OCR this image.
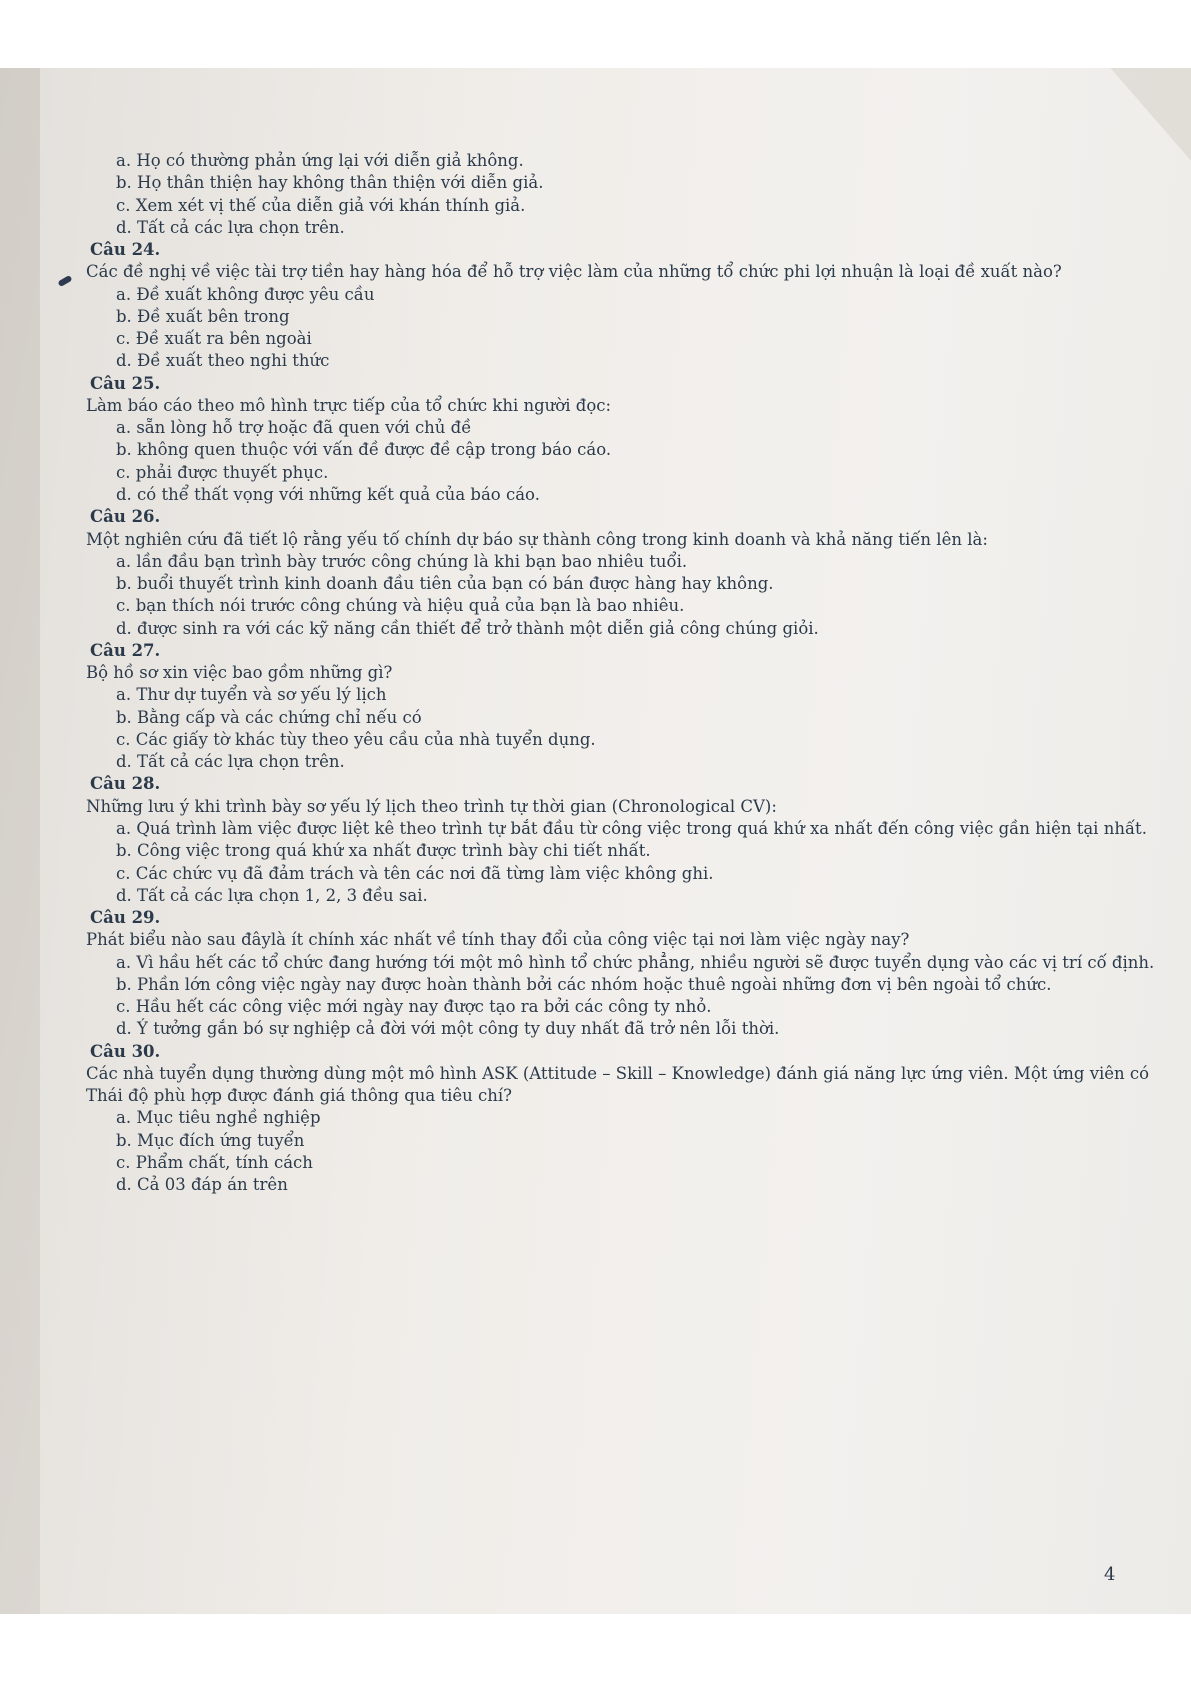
a. Họ có thường phản ứng lại với diễn giả không.

b. Họ thân thiện hay không thân thiện với diễn giả.

c. Xem xét vị thế của diễn giả với khán thính giả.

d. Tất cả các lựa chọn trên.

Câu 24.

Các đề nghị về việc tài trợ tiền hay hàng hóa để hỗ trợ việc làm của những tổ chức phi lợi nhuận là loại đề xuất nào?

a. Đề xuất không được yêu cầu

b. Đề xuất bên trong

c. Đề xuất ra bên ngoài

d. Đề xuất theo nghi thức

Câu 25.

Làm báo cáo theo mô hình trực tiếp của tổ chức khi người đọc:

a. sẵn lòng hỗ trợ hoặc đã quen với chủ đề

b. không quen thuộc với vấn đề được đề cập trong báo cáo.

c. phải được thuyết phục.

d. có thể thất vọng với những kết quả của báo cáo.

Câu 26.

Một nghiên cứu đã tiết lộ rằng yếu tố chính dự báo sự thành công trong kinh doanh và khả năng tiến lên là:

a. lần đầu bạn trình bày trước công chúng là khi bạn bao nhiêu tuổi.

b. buổi thuyết trình kinh doanh đầu tiên của bạn có bán được hàng hay không.

c. bạn thích nói trước công chúng và hiệu quả của bạn là bao nhiêu.

d. được sinh ra với các kỹ năng cần thiết để trở thành một diễn giả công chúng giỏi.

Câu 27.

Bộ hồ sơ xin việc bao gồm những gì?

a. Thư dự tuyển và sơ yếu lý lịch

b. Bằng cấp và các chứng chỉ nếu có

c. Các giấy tờ khác tùy theo yêu cầu của nhà tuyển dụng.

d. Tất cả các lựa chọn trên.

Câu 28.

Những lưu ý khi trình bày sơ yếu lý lịch theo trình tự thời gian (Chronological CV):

a. Quá trình làm việc được liệt kê theo trình tự bắt đầu từ công việc trong quá khứ xa nhất đến công việc gần hiện tại nhất.

b. Công việc trong quá khứ xa nhất được trình bày chi tiết nhất.

c. Các chức vụ đã đảm trách và tên các nơi đã từng làm việc không ghi.

d. Tất cả các lựa chọn 1, 2, 3 đều sai.

Câu 29.

Phát biểu nào sau đâylà ít chính xác nhất về tính thay đổi của công việc tại nơi làm việc ngày nay?

a. Vì hầu hết các tổ chức đang hướng tới một mô hình tổ chức phẳng, nhiều người sẽ được tuyển dụng vào các vị trí cố định.

b. Phần lớn công việc ngày nay được hoàn thành bởi các nhóm hoặc thuê ngoài những đơn vị bên ngoài tổ chức.

c. Hầu hết các công việc mới ngày nay được tạo ra bởi các công ty nhỏ.

d. Ý tưởng gắn bó sự nghiệp cả đời với một công ty duy nhất đã trở nên lỗi thời.

Câu 30.

Các nhà tuyển dụng thường dùng một mô hình ASK (Attitude – Skill – Knowledge) đánh giá năng lực ứng viên. Một ứng viên có Thái độ phù hợp được đánh giá thông qua tiêu chí?

a. Mục tiêu nghề nghiệp

b. Mục đích ứng tuyển

c. Phẩm chất, tính cách

d. Cả 03 đáp án trên

4
